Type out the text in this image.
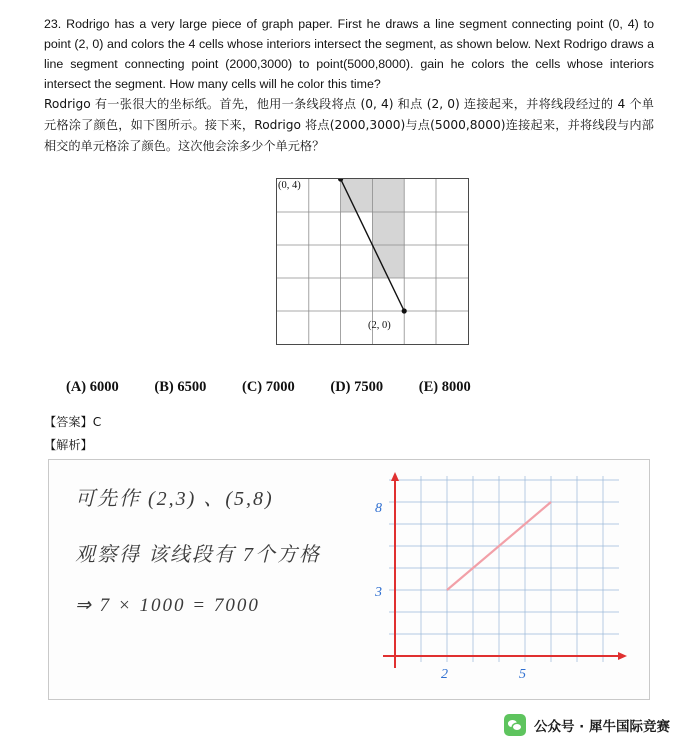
23. Rodrigo has a very large piece of graph paper. First he draws a line segment connecting point (0, 4) to point (2, 0) and colors the 4 cells whose interiors intersect the segment, as shown below. Next Rodrigo draws a line segment connecting point (2000,3000) to point(5000,8000). gain he colors the cells whose interiors intersect the segment. How many cells will he color this time?

Rodrigo 有一张很大的坐标纸。首先，他用一条线段将点 (0, 4) 和点 (2, 0) 连接起来，并将线段经过的 4 个单元格涂了颜色，如下图所示。接下来，Rodrigo 将点(2000,3000)与点(5000,8000)连接起来，并将线段与内部相交的单元格涂了颜色。这次他会涂多少个单元格？

(0, 4)
(2, 0)
(A) 6000 (B) 6500 (C) 7000 (D) 7500 (E) 8000
【答案】C
【解析】
可先作 (2,3) 、(5,8)
观察得 该线段有 7个方格
⇒ 7 × 1000 = 7000
8
3
2	5
公众号 · 犀牛国际竞赛
